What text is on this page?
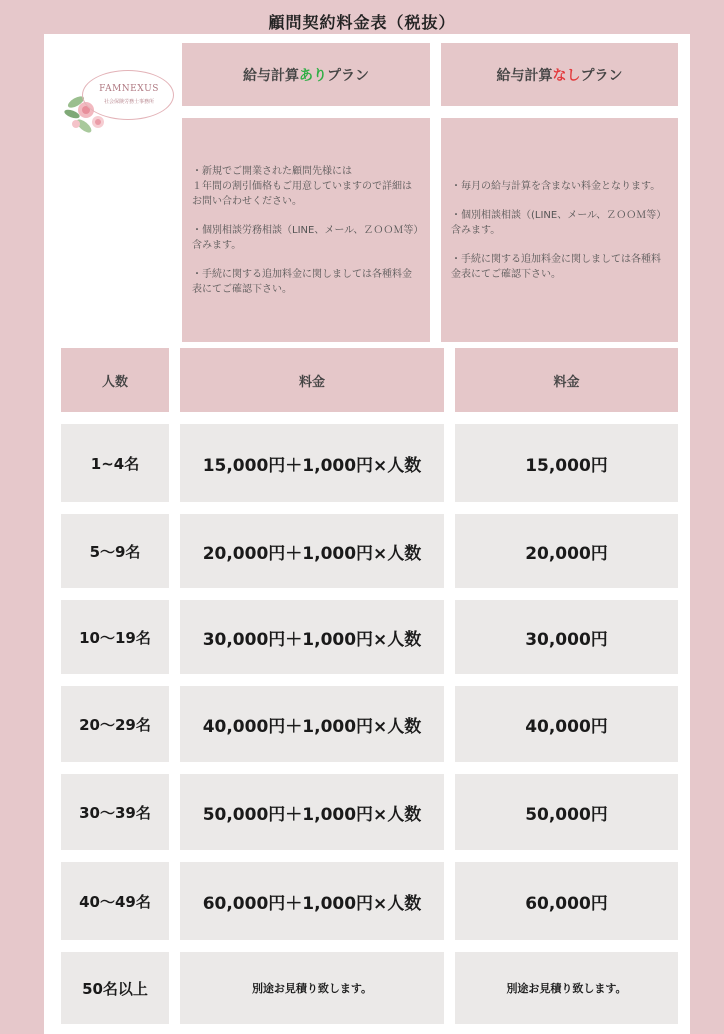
顧問契約料金表（税抜）
FAMNEXUS
社会保険労務士事務所
給与計算 あり プラン	給与計算 なし プラン

・新規でご開業された顧問先様には
１年間の割引価格もご用意していますので詳細はお問い合わせください。

・個別相談労務相談（LINE、メール、ＺＯＯＭ等）含みます。

・手続に関する追加料金に関しましては各種料金表にてご確認下さい。

・毎月の給与計算を含まない料金となります。

・個別相談相談（(LINE、メール、ＺＯＯＭ等）含みます。

・手続に関する追加料金に関しましては各種料金表にてご確認下さい。

人数	料金	料金
1~4名	15,000円＋1,000円×人数	15,000円
5〜9名	20,000円＋1,000円×人数	20,000円
10〜19名	30,000円＋1,000円×人数	30,000円
20〜29名	40,000円＋1,000円×人数	40,000円
30〜39名	50,000円＋1,000円×人数	50,000円
40〜49名	60,000円＋1,000円×人数	60,000円
50名以上	別途お見積り致します。	別途お見積り致します。
